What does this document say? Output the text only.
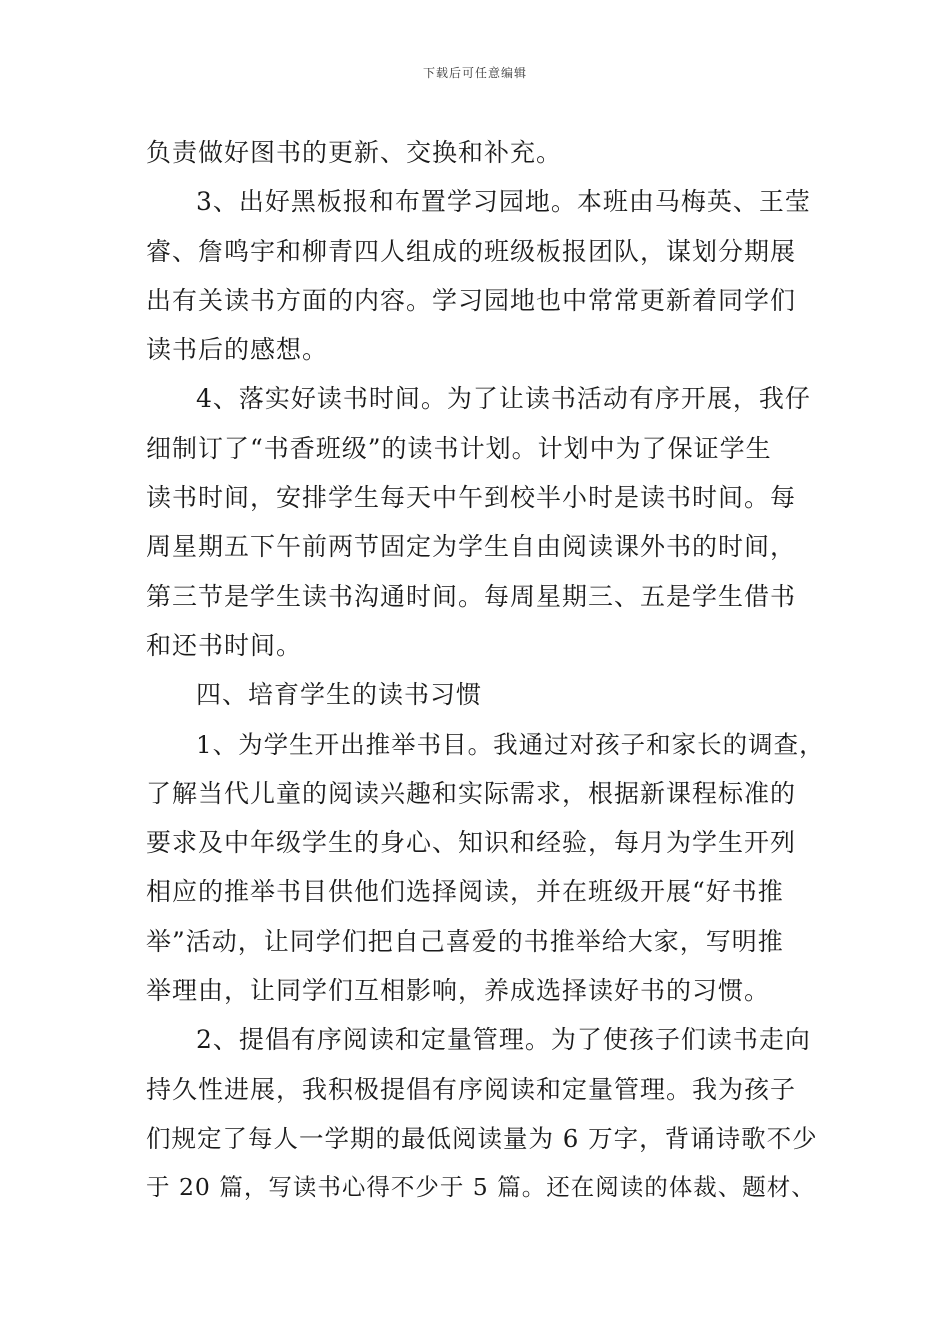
下载后可任意编辑
负责做好图书的更新、交换和补充。
3、出好黑板报和布置学习园地。本班由马梅英、王莹
睿、詹鸣宇和柳青四人组成的班级板报团队，谋划分期展
出有关读书方面的内容。学习园地也中常常更新着同学们
读书后的感想。
4、落实好读书时间。为了让读书活动有序开展，我仔
细制订了“书香班级”的读书计划。计划中为了保证学生
读书时间，安排学生每天中午到校半小时是读书时间。每
周星期五下午前两节固定为学生自由阅读课外书的时间，
第三节是学生读书沟通时间。每周星期三、五是学生借书
和还书时间。
四、培育学生的读书习惯
1、为学生开出推举书目。我通过对孩子和家长的调查，
了解当代儿童的阅读兴趣和实际需求，根据新课程标准的
要求及中年级学生的身心、知识和经验，每月为学生开列
相应的推举书目供他们选择阅读，并在班级开展“好书推
举”活动，让同学们把自己喜爱的书推举给大家，写明推
举理由，让同学们互相影响，养成选择读好书的习惯。
2、提倡有序阅读和定量管理。为了使孩子们读书走向
持久性进展，我积极提倡有序阅读和定量管理。我为孩子
们规定了每人一学期的最低阅读量为 6 万字，背诵诗歌不少
于 20 篇，写读书心得不少于 5 篇。还在阅读的体裁、题材、
